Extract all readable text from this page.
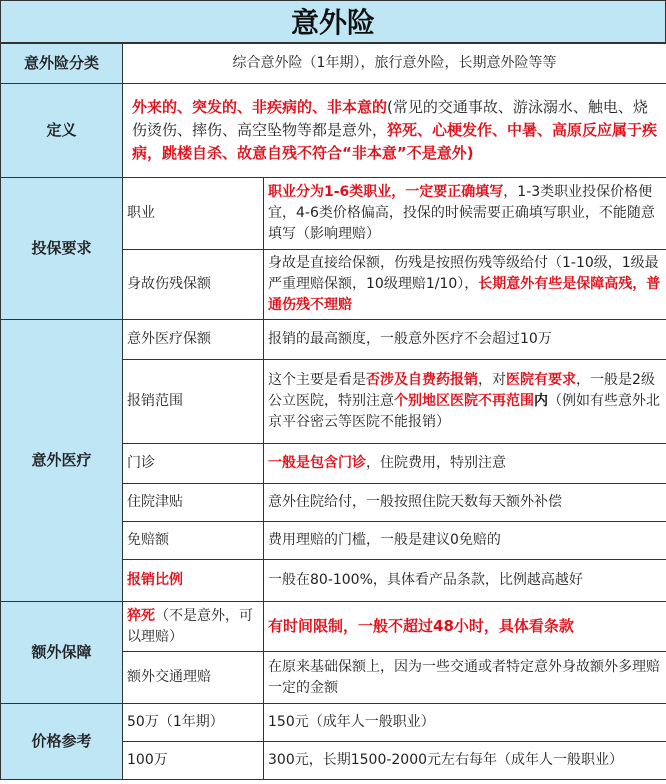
意外险
意外险分类	综合意外险（1年期），旅行意外险，长期意外险等等	
定义	外来的、突发的、非疾病的、非本意的(常见的交通事故、游泳溺水、触电、烧伤烫伤、摔伤、高空坠物等都是意外，猝死、心梗发作、中暑、高原反应属于疾病，跳楼自杀、故意自残不符合“非本意”不是意外)	
投保要求	职业	职业分为1-6类职业，一定要正确填写，1-3类职业投保价格便宜，4-6类价格偏高，投保的时候需要正确填写职业，不能随意填写（影响理赔）
	身故伤残保额	身故是直接给保额，伤残是按照伤残等级给付（1-10级，1级最严重理赔保额，10级理赔1/10），长期意外有些是保障高残，普通伤残不理赔
意外医疗	意外医疗保额	报销的最高额度，一般意外医疗不会超过10万
	报销范围	这个主要是看是否涉及自费药报销，对医院有要求，一般是2级公立医院，特别注意个别地区医院不再范围内（例如有些意外北京平谷密云等医院不能报销）
	门诊	一般是包含门诊，住院费用，特别注意
	住院津贴	意外住院给付，一般按照住院天数每天额外补偿
	免赔额	费用理赔的门槛，一般是建议0免赔的
	报销比例	一般在80-100%，具体看产品条款，比例越高越好
额外保障	猝死（不是意外，可以理赔）	有时间限制，一般不超过48小时，具体看条款
	额外交通理赔	在原来基础保额上，因为一些交通或者特定意外身故额外多理赔一定的金额
价格参考	50万（1年期）	150元（成年人一般职业）
	100万	300元，长期1500-2000元左右每年（成年人一般职业）
